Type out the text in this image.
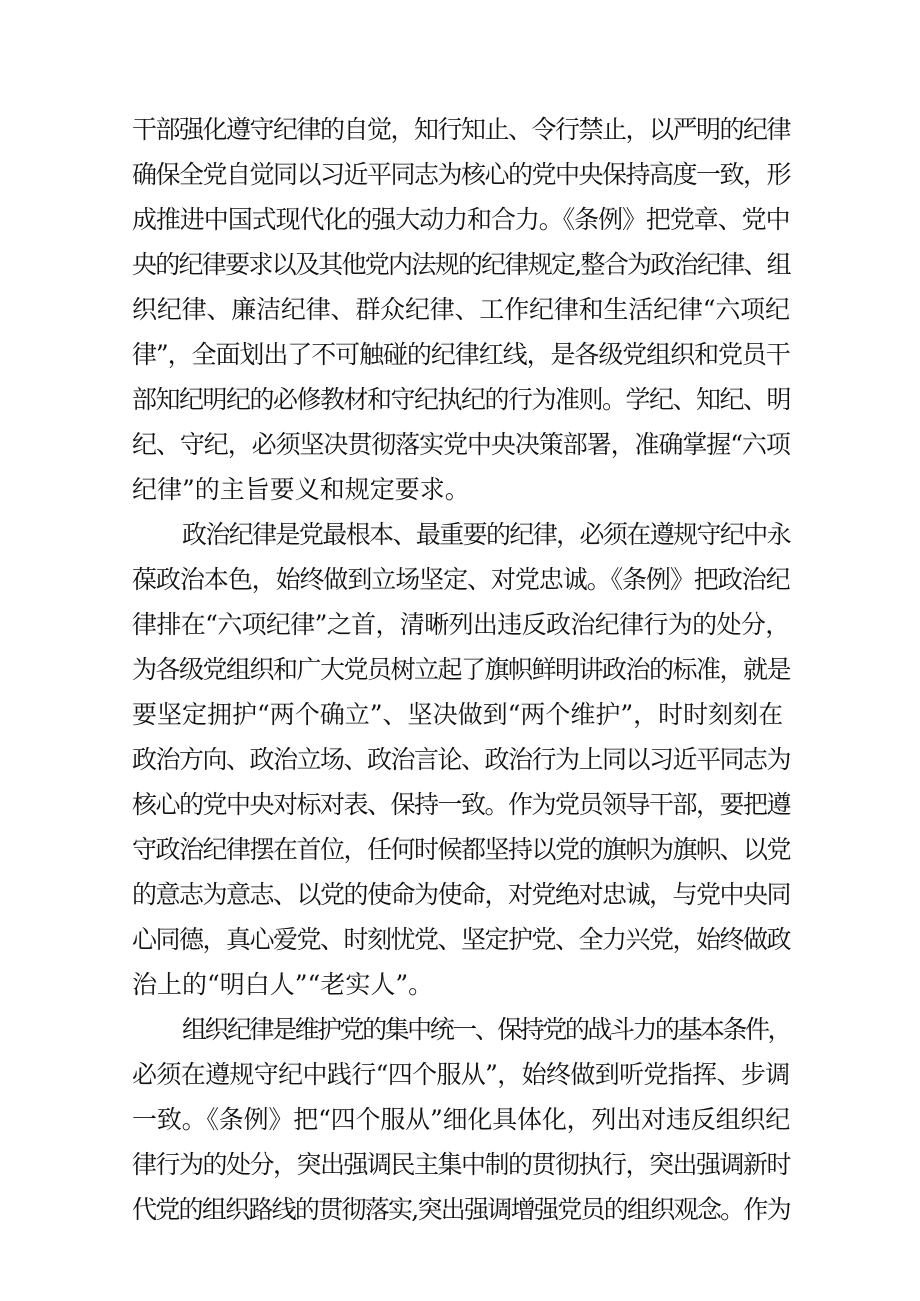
干部强化遵守纪律的自觉，知行知止、令行禁止，以严明的纪律
确保全党自觉同以习近平同志为核心的党中央保持高度一致，形
成推进中国式现代化的强大动力和合力。《条例》把党章、党中
央的纪律要求以及其他党内法规的纪律规定,整合为政治纪律、组
织纪律、廉洁纪律、群众纪律、工作纪律和生活纪律“六项纪
律”，全面划出了不可触碰的纪律红线，是各级党组织和党员干
部知纪明纪的必修教材和守纪执纪的行为准则。学纪、知纪、明
纪、守纪，必须坚决贯彻落实党中央决策部署，准确掌握“六项
纪律”的主旨要义和规定要求。
政治纪律是党最根本、最重要的纪律，必须在遵规守纪中永
葆政治本色，始终做到立场坚定、对党忠诚。《条例》把政治纪
律排在“六项纪律”之首，清晰列出违反政治纪律行为的处分，
为各级党组织和广大党员树立起了旗帜鲜明讲政治的标准，就是
要坚定拥护“两个确立”、坚决做到“两个维护”，时时刻刻在
政治方向、政治立场、政治言论、政治行为上同以习近平同志为
核心的党中央对标对表、保持一致。作为党员领导干部，要把遵
守政治纪律摆在首位，任何时候都坚持以党的旗帜为旗帜、以党
的意志为意志、以党的使命为使命，对党绝对忠诚，与党中央同
心同德，真心爱党、时刻忧党、坚定护党、全力兴党，始终做政
治上的“明白人”“老实人”。
组织纪律是维护党的集中统一、保持党的战斗力的基本条件，
必须在遵规守纪中践行“四个服从”，始终做到听党指挥、步调
一致。《条例》把“四个服从”细化具体化，列出对违反组织纪
律行为的处分，突出强调民主集中制的贯彻执行，突出强调新时
代党的组织路线的贯彻落实,突出强调增强党员的组织观念。作为
